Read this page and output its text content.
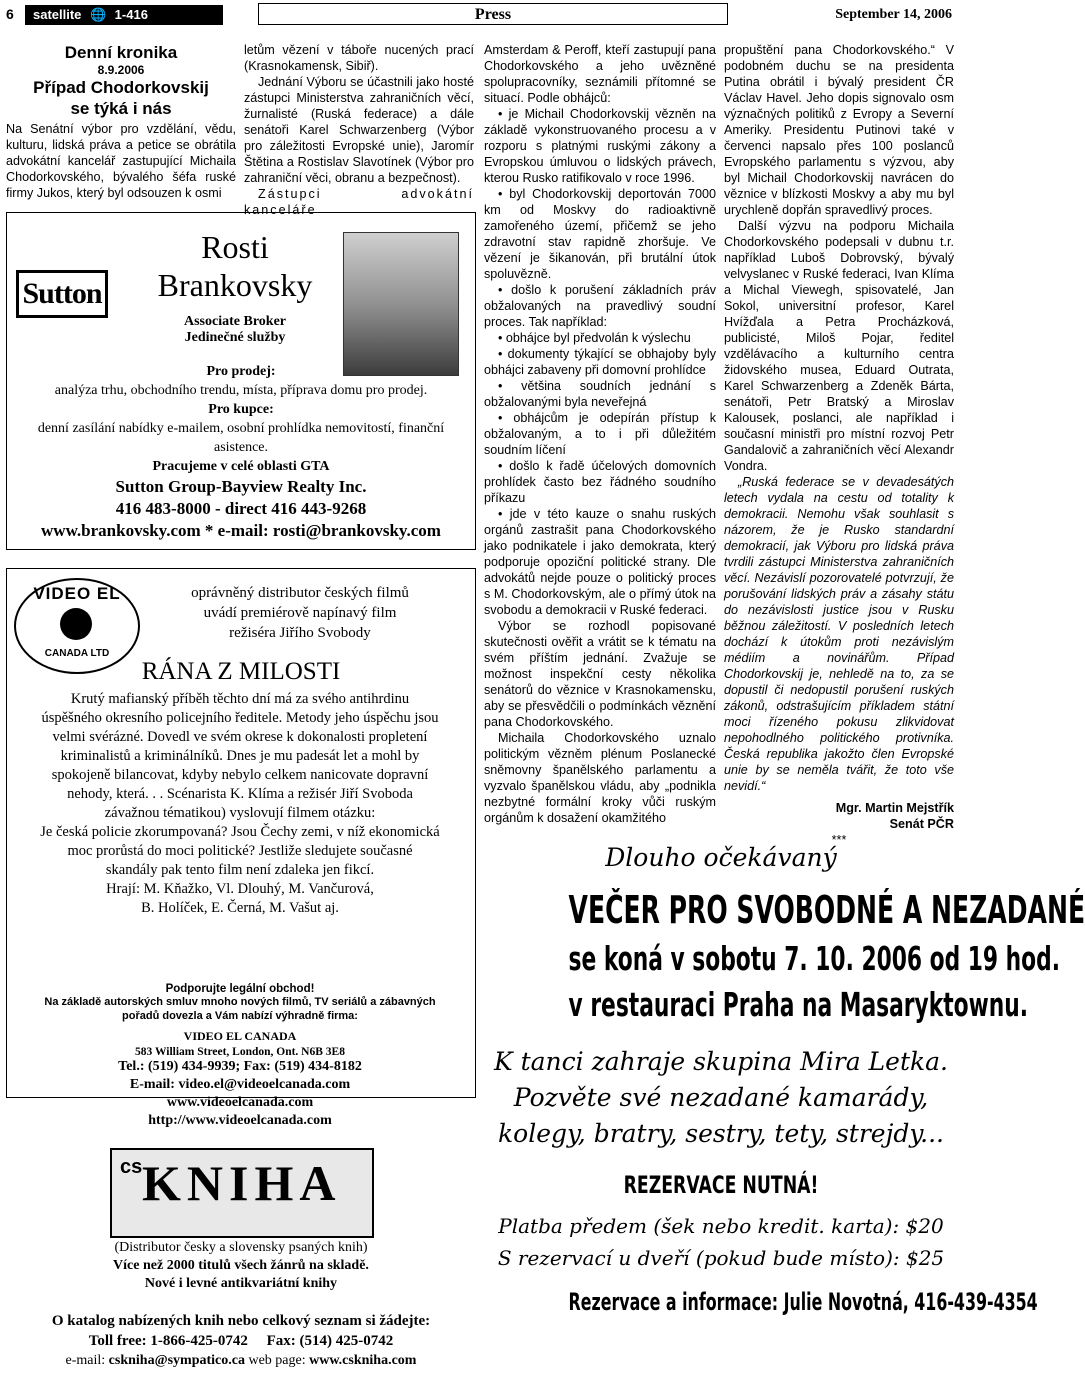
6	satellite 🌐 1-416	Press	September 14, 2006
Denní kronika
8.9.2006
Případ Chodorkovskij
se týká i nás
Na Senátní výbor pro vzdělání, vědu, kulturu, lidská práva a petice se obrátila advokátní kancelář zastupující Michaila Chodorkovského, bývalého šéfa ruské firmy Jukos, který byl odsouzen k osmi

letům vězení v táboře nucených prací (Krasnokamensk, Sibiř).

Jednání Výboru se účastnili jako hosté zástupci Ministerstva zahraničních věcí, žurnalisté (Ruská federace) a dále senátoři Karel Schwarzenberg (Výbor pro záležitosti Evropské unie), Jaromír Štětina a Rostislav Slavotínek (Výbor pro zahraniční věci, obranu a bezpečnost).

Zástupci advokátní kanceláře

Amsterdam & Peroff, kteří zastupují pana Chodorkovského a jeho uvězněné spolupracovníky, seznámili přítomné se situací. Podle obhájců:

• je Michail Chodorkovskij vězněn na základě vykonstruovaného procesu a v rozporu s platnými ruskými zákony a Evropskou úmluvou o lidských právech, kterou Rusko ratifikovalo v roce 1996.

• byl Chodorkovskij deportován 7000 km od Moskvy do radioaktivně zamořeného území, přičemž se jeho zdravotní stav rapidně zhoršuje. Ve vězení je šikanován, při brutální útok spoluvězně.

• došlo k porušení základních práv obžalovaných na pravedlivý soudní proces. Tak například:

• obhájce byl předvolán k výslechu

• dokumenty týkající se obhajoby byly obhájci zabaveny při domovní prohlídce

• většina soudních jednání s obžalovanými byla neveřejná

• obhájcům je odepírán přístup k obžalovaným, a to i při důležitém soudním líčení

• došlo k řadě účelových domovních prohlídek často bez řádného soudního příkazu

• jde v této kauze o snahu ruských orgánů zastrašit pana Chodorkovského jako podnikatele i jako demokrata, který podporuje opoziční politické strany. Dle advokátů nejde pouze o politický proces s M. Chodorkovským, ale o přímý útok na svobodu a demokracii v Ruské federaci.

Výbor se rozhodl popisované skutečnosti ověřit a vrátit se k tématu na svém příštím jednání. Zvažuje se možnost inspekční cesty několika senátorů do věznice v Krasnokamensku, aby se přesvědčili o podmínkách věznění pana Chodorkovského.

Michaila Chodorkovského uznalo politickým vězněm plénum Poslanecké sněmovny španělského parlamentu a vyzvalo španělskou vládu, aby „podnikla nezbytné formální kroky vůči ruským orgánům k dosažení okamžitého

propuštění pana Chodorkovského.“ V podobném duchu se na presidenta Putina obrátil i bývalý president ČR Václav Havel. Jeho dopis signovalo osm význačných politiků z Evropy a Severní Ameriky. Presidentu Putinovi také v červenci napsalo přes 100 poslanců Evropského parlamentu s výzvou, aby byl Michail Chodorkovskij navrácen do věznice v blízkosti Moskvy a aby mu byl urychleně dopřán spravedlivý proces.

Další výzvu na podporu Michaila Chodorkovského podepsali v dubnu t.r. například Luboš Dobrovský, bývalý velvyslanec v Ruské federaci, Ivan Klíma a Michal Viewegh, spisovatelé, Jan Sokol, universitní profesor, Karel Hvížďala a Petra Procházková, publicisté, Miloš Pojar, ředitel vzdělávacího a kulturního centra židovského musea, Eduard Outrata, Karel Schwarzenberg a Zdeněk Bárta, senátoři, Petr Bratský a Miroslav Kalousek, poslanci, ale například i současní ministři pro místní rozvoj Petr Gandalovič a zahraničních věcí Alexandr Vondra.

„Ruská federace se v devadesátých letech vydala na cestu od totality k demokracii. Nemohu však souhlasit s názorem, že je Rusko standardní demokracií, jak Výboru pro lidská práva tvrdili zástupci Ministerstva zahraničních věcí. Nezávislí pozorovatelé potvrzují, že porušování lidských práv a zásahy státu do nezávislosti justice jsou v Rusku běžnou záležitostí. V posledních letech dochází k útokům proti nezávislým médiím a novinářům. Případ Chodorkovskij je, nehledě na to, za se dopustil či nedopustil porušení ruských zákonů, odstrašujícím příkladem státní moci řízeného pokusu zlikvidovat nepohodlného politického protivníka. Česká republika jakožto člen Evropské unie by se neměla tvářit, že toto vše nevidí.“

Mgr. Martin Mejstřík

Senát PČR

***

Sutton
Rosti
Brankovsky
Associate Broker
Jedinečné služby
Pro prodej:
analýza trhu, obchodního trendu, místa, příprava domu pro prodej.
Pro kupce:
denní zasílání nabídky e-mailem, osobní prohlídka nemovitostí, finanční asistence.
Pracujeme v celé oblasti GTA
Sutton Group-Bayview Realty Inc.
416 483-8000 - direct 416 443-9268
www.brankovsky.com * e-mail: rosti@brankovsky.com
VIDEO EL
CANADA LTD
oprávněný distributor českých filmů
uvádí premiérově napínavý film
režiséra Jiřího Svobody
RÁNA Z MILOSTI
Krutý mafianský příběh těchto dní má za svého antihrdinu úspěšného okresního policejního ředitele. Metody jeho úspěchu jsou velmi svérázné. Dovedl ve svém okrese k dokonalosti propletení kriminalistů a kriminálníků. Dnes je mu padesát let a mohl by spokojeně bilancovat, kdyby nebylo celkem nanicovate dopravní nehody, která. . . Scénarista K. Klíma a režisér Jiří Svoboda závažnou tématikou) vyslovují filmem otázku:
Je česká policie zkorumpovaná? Jsou Čechy zemi, v níž ekonomická moc prorůstá do moci politické? Jestliže sledujete současné skandály pak tento film není zdaleka jen fikcí.
Hrají: M. Kňažko, Vl. Dlouhý, M. Vančurová,
B. Holíček, E. Černá, M. Vašut aj.
Podporujte legální obchod!
Na základě autorských smluv mnoho nových filmů, TV seriálů a zábavných pořadů dovezla a Vám nabízí výhradně firma:
VIDEO EL CANADA
583 William Street, London, Ont. N6B 3E8
Tel.: (519) 434-9939; Fax: (519) 434-8182
E-mail: video.el@videoelcanada.com
www.videoelcanada.com
http://www.videoelcanada.com
cs KNIHA
(Distributor česky a slovensky psaných knih)
Více než 2000 titulů všech žánrů na skladě.
Nové i levné antikvariátní knihy
O katalog nabízených knih nebo celkový seznam si žádejte:
Toll free: 1-866-425-0742     Fax: (514) 425-0742
e-mail: cskniha@sympatico.ca web page: www.cskniha.com
Dlouho očekávaný
VEČER PRO SVOBODNÉ A NEZADANÉ
se koná v sobotu 7. 10. 2006 od 19 hod.
v restauraci Praha na Masaryktownu.
K tanci zahraje skupina Mira Letka.
Pozvěte své nezadané kamarády,
kolegy, bratry, sestry, tety, strejdy...
REZERVACE NUTNÁ!
Platba předem (šek nebo kredit. karta): $20
S rezervací u dveří (pokud bude místo): $25
Rezervace a informace: Julie Novotná, 416-439-4354
